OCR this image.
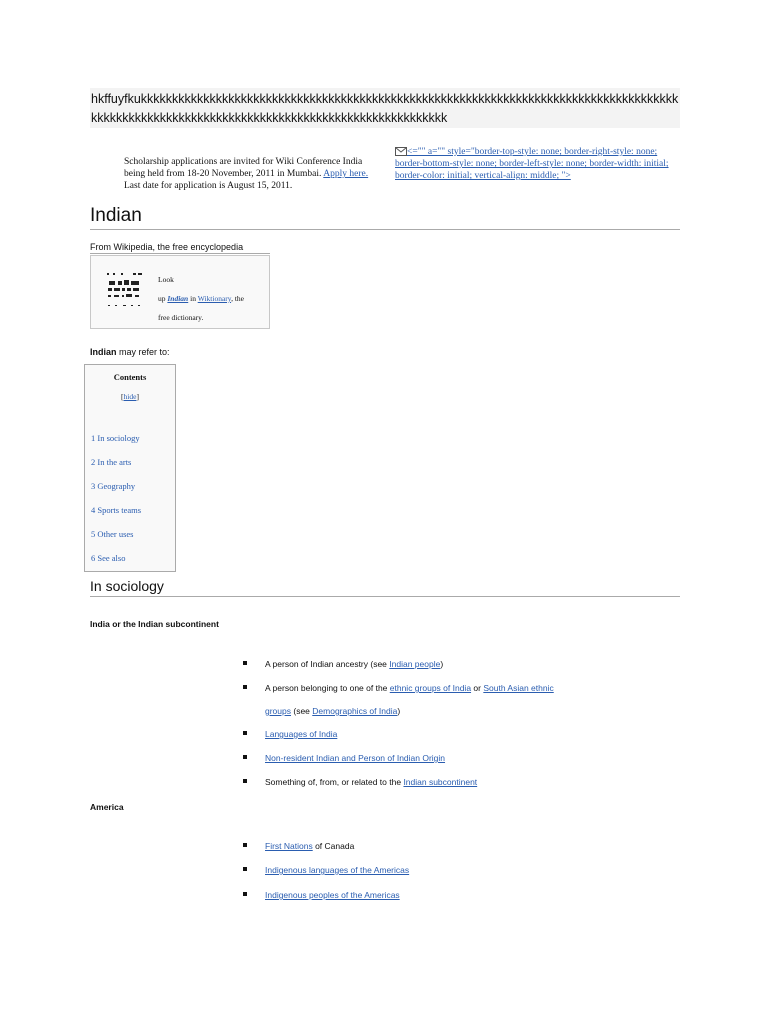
hkffuyfkukkkkkkkkkkkkkkkkkkkkkkkkkkkkkkkkkkkkkkkkkkkkkkkkkkkkkkkkkkkkkkkkkkkkkkkkkkkkkkkkkkkkkkkkkkkkkkkkkkkkkkkkkkkkkkkkkkkkkkkkkkkkkkkkkkkkkkkkkkkkkkk
Scholarship applications are invited for Wiki Conference India being held from 18-20 November, 2011 in Mumbai. Apply here. Last date for application is August 15, 2011.
<="" a="" style="border-top-style: none; border-right-style: none; border-bottom-style: none; border-left-style: none; border-width: initial; border-color: initial; vertical-align: middle; ">
Indian
From Wikipedia, the free encyclopedia
Look
up Indian in Wiktionary, the
free dictionary.
Indian may refer to:
Contents
[hide]
1 In sociology
2 In the arts
3 Geography
4 Sports teams
5 Other uses
6 See also
In sociology
India or the Indian subcontinent
A person of Indian ancestry (see Indian people)
A person belonging to one of the ethnic groups of India or South Asian ethnic
groups (see Demographics of India)
Languages of India
Non-resident Indian and Person of Indian Origin
Something of, from, or related to the Indian subcontinent
America
First Nations of Canada
Indigenous languages of the Americas
Indigenous peoples of the Americas
